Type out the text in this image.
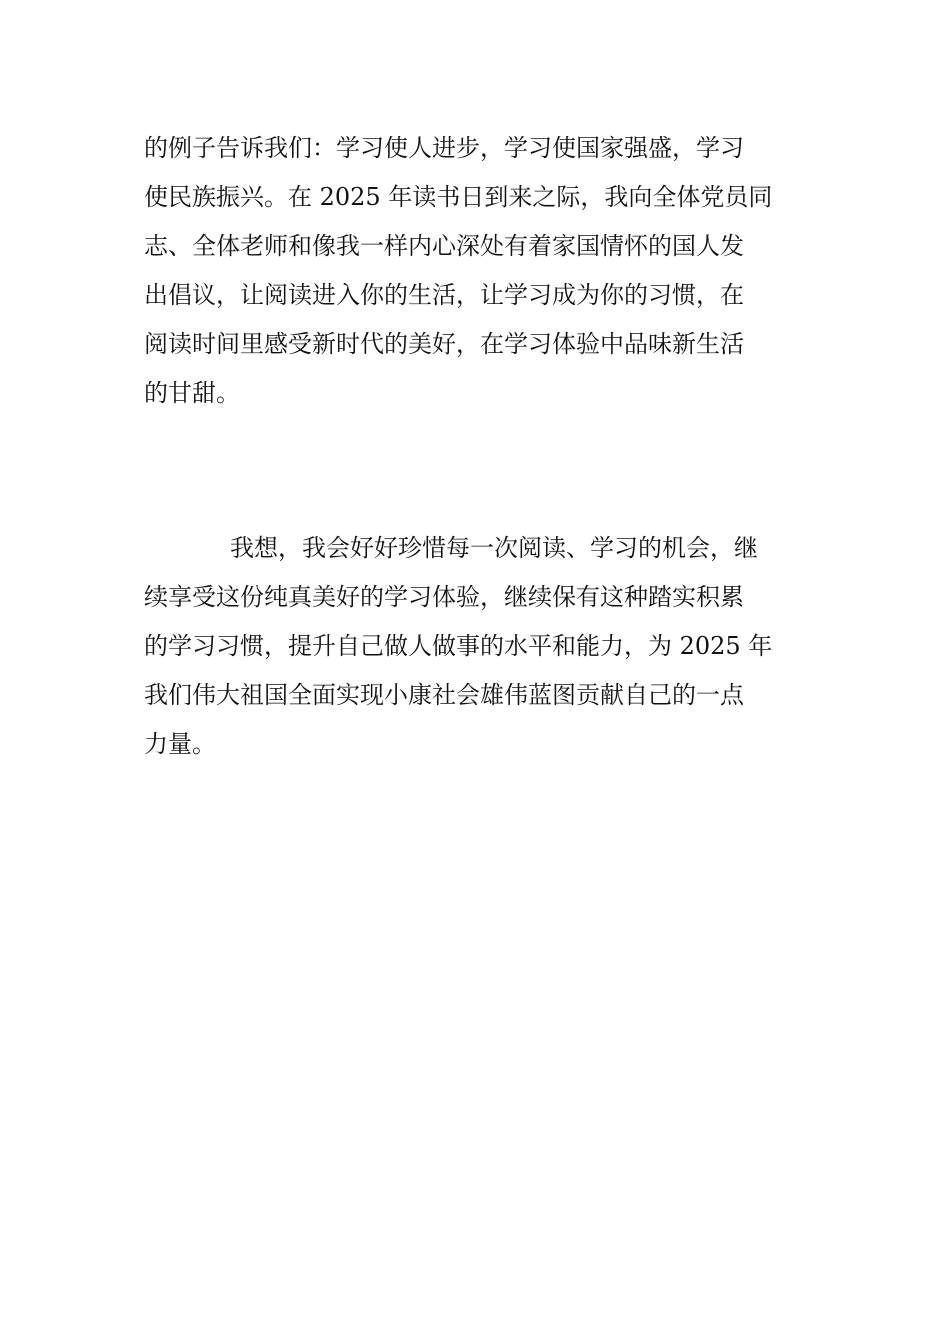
的例子告诉我们：学习使人进步，学习使国家强盛，学习
使民族振兴。在 2025 年读书日到来之际，我向全体党员同
志、全体老师和像我一样内心深处有着家国情怀的国人发
出倡议，让阅读进入你的生活，让学习成为你的习惯，在
阅读时间里感受新时代的美好，在学习体验中品味新生活
的甘甜。
我想，我会好好珍惜每一次阅读、学习的机会，继
续享受这份纯真美好的学习体验，继续保有这种踏实积累
的学习习惯，提升自己做人做事的水平和能力，为 2025 年
我们伟大祖国全面实现小康社会雄伟蓝图贡献自己的一点
力量。
